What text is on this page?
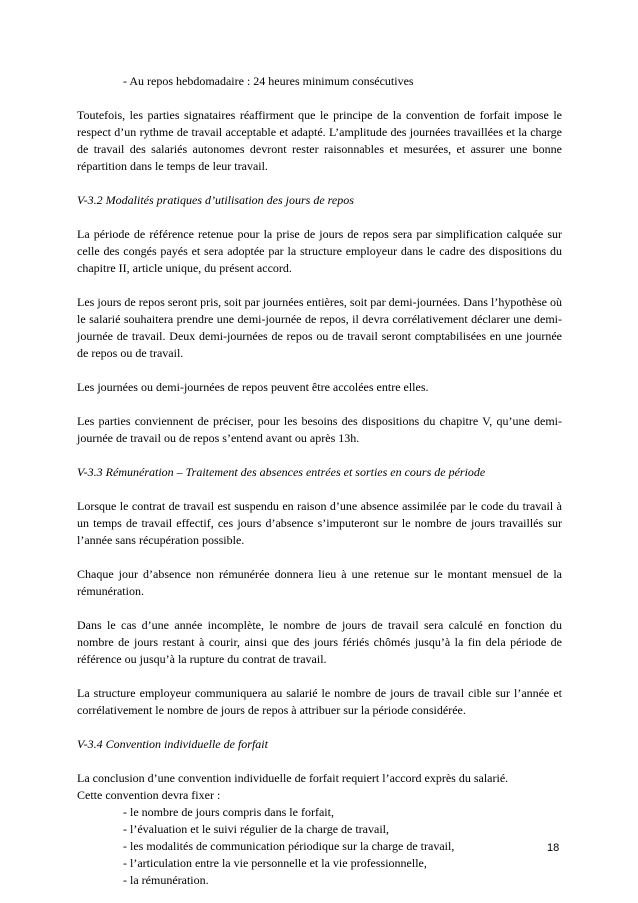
- Au repos hebdomadaire : 24 heures minimum consécutives

Toutefois, les parties signataires réaffirment que le principe de la convention de forfait impose le respect d’un rythme de travail acceptable et adapté. L’amplitude des journées travaillées et la charge de travail des salariés autonomes devront rester raisonnables et mesurées, et assurer une bonne répartition dans le temps de leur travail.

V-3.2 Modalités pratiques d’utilisation des jours de repos

La période de référence retenue pour la prise de jours de repos sera par simplification calquée sur celle des congés payés et sera adoptée par la structure employeur dans le cadre des dispositions du chapitre II, article unique, du présent accord.

Les jours de repos seront pris, soit par journées entières, soit par demi-journées. Dans l’hypothèse où le salarié souhaitera prendre une demi-journée de repos, il devra corrélativement déclarer une demi-journée de travail. Deux demi-journées de repos ou de travail seront comptabilisées en une journée de repos ou de travail.

Les journées ou demi-journées de repos peuvent être accolées entre elles.

Les parties conviennent de préciser, pour les besoins des dispositions du chapitre V, qu’une demi-journée de travail ou de repos s’entend avant ou après 13h.

V-3.3 Rémunération – Traitement des absences entrées et sorties en cours de période

Lorsque le contrat de travail est suspendu en raison d’une absence assimilée par le code du travail à un temps de travail effectif, ces jours d’absence s’imputeront sur le nombre de jours travaillés sur l’année sans récupération possible.

Chaque jour d’absence non rémunérée donnera lieu à une retenue sur le montant mensuel de la rémunération.

Dans le cas d’une année incomplète, le nombre de jours de travail sera calculé en fonction du nombre de jours restant à courir, ainsi que des jours fériés chômés jusqu’à la fin dela période de référence ou jusqu’à la rupture du contrat de travail.

La structure employeur communiquera au salarié le nombre de jours de travail cible sur l’année et corrélativement le nombre de jours de repos à attribuer sur la période considérée.

V-3.4 Convention individuelle de forfait

La conclusion d’une convention individuelle de forfait requiert l’accord exprès du salarié.

Cette convention devra fixer :

- le nombre de jours compris dans le forfait,
- l’évaluation et le suivi régulier de la charge de travail,
- les modalités de communication périodique sur la charge de travail,
- l’articulation entre la vie personnelle et la vie professionnelle,
- la rémunération.
18
